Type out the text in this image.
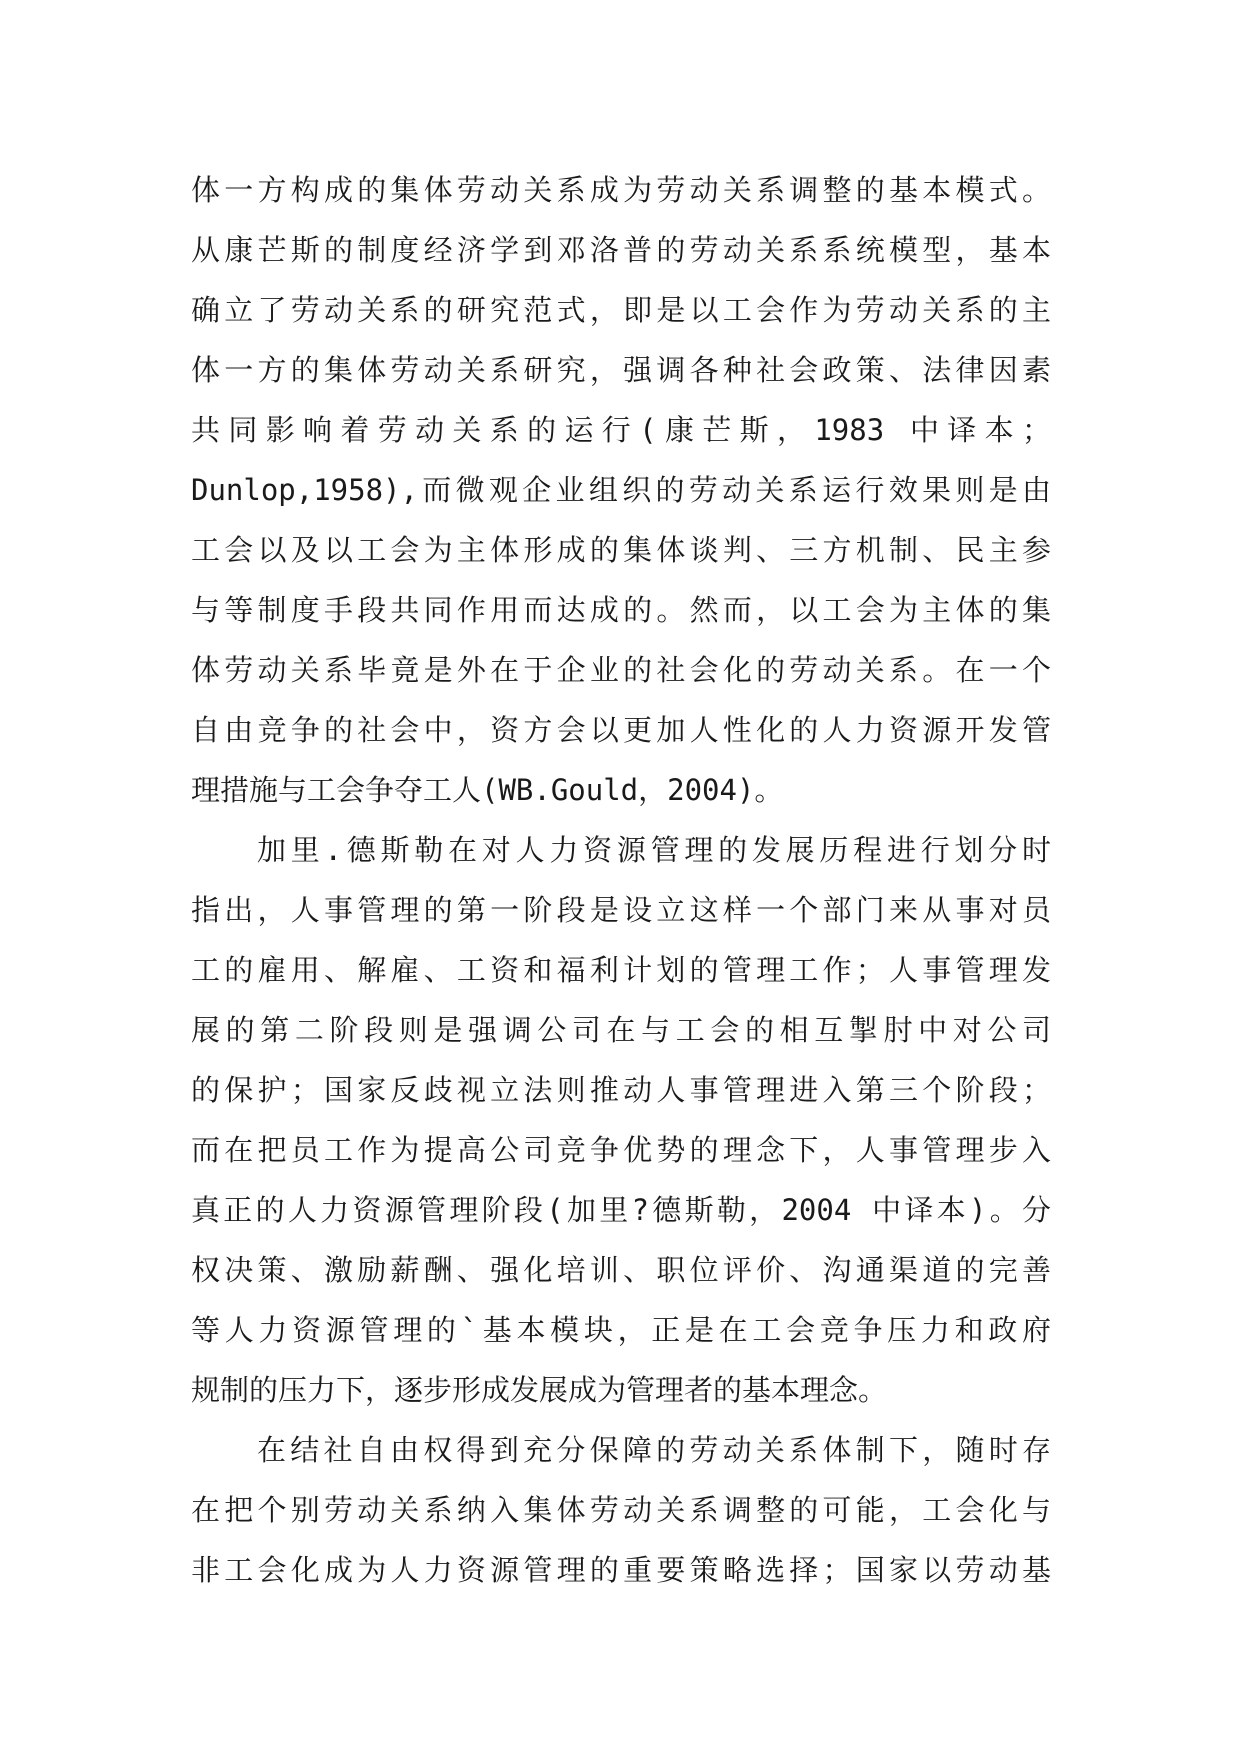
体一方构成的集体劳动关系成为劳动关系调整的基本模式。
从康芒斯的制度经济学到邓洛普的劳动关系系统模型，基本
确立了劳动关系的研究范式，即是以工会作为劳动关系的主
体一方的集体劳动关系研究，强调各种社会政策、法律因素
共同影响着劳动关系的运行(康芒斯，1983 中译本；
Dunlop,1958),而微观企业组织的劳动关系运行效果则是由
工会以及以工会为主体形成的集体谈判、三方机制、民主参
与等制度手段共同作用而达成的。然而，以工会为主体的集
体劳动关系毕竟是外在于企业的社会化的劳动关系。在一个
自由竞争的社会中，资方会以更加人性化的人力资源开发管
理措施与工会争夺工人(WB.Gould，2004)。
加里.德斯勒在对人力资源管理的发展历程进行划分时
指出，人事管理的第一阶段是设立这样一个部门来从事对员
工的雇用、解雇、工资和福利计划的管理工作；人事管理发
展的第二阶段则是强调公司在与工会的相互掣肘中对公司
的保护；国家反歧视立法则推动人事管理进入第三个阶段；
而在把员工作为提高公司竞争优势的理念下，人事管理步入
真正的人力资源管理阶段(加里?德斯勒，2004 中译本)。分
权决策、激励薪酬、强化培训、职位评价、沟通渠道的完善
等人力资源管理的`基本模块，正是在工会竞争压力和政府
规制的压力下，逐步形成发展成为管理者的基本理念。
在结社自由权得到充分保障的劳动关系体制下，随时存
在把个别劳动关系纳入集体劳动关系调整的可能，工会化与
非工会化成为人力资源管理的重要策略选择；国家以劳动基
